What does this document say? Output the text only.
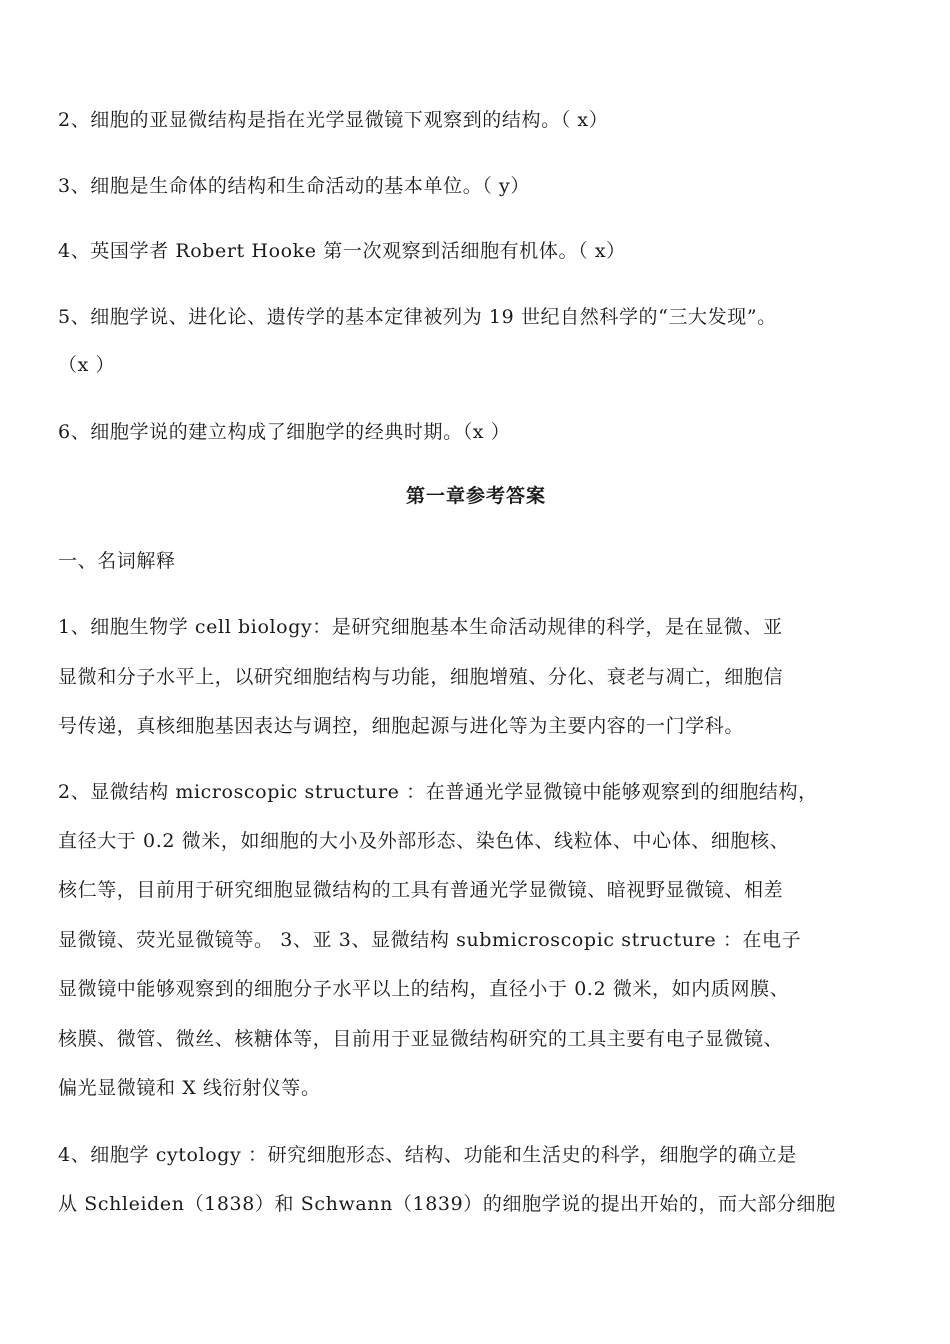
2、细胞的亚显微结构是指在光学显微镜下观察到的结构。（ x）
3、细胞是生命体的结构和生命活动的基本单位。（ y）
4、英国学者 Robert Hooke 第一次观察到活细胞有机体。（ x）
5、细胞学说、进化论、遗传学的基本定律被列为 19 世纪自然科学的“三大发现”。
（x ）
6、细胞学说的建立构成了细胞学的经典时期。（x ）
第一章参考答案
一、名词解释
1、细胞生物学 cell biology：是研究细胞基本生命活动规律的科学，是在显微、亚
显微和分子水平上，以研究细胞结构与功能，细胞增殖、分化、衰老与凋亡，细胞信
号传递，真核细胞基因表达与调控，细胞起源与进化等为主要内容的一门学科。
2、显微结构 microscopic structure ：在普通光学显微镜中能够观察到的细胞结构，
直径大于 0.2 微米，如细胞的大小及外部形态、染色体、线粒体、中心体、细胞核、
核仁等，目前用于研究细胞显微结构的工具有普通光学显微镜、暗视野显微镜、相差
显微镜、荧光显微镜等。 3、亚 3、显微结构 submicroscopic structure ：在电子
显微镜中能够观察到的细胞分子水平以上的结构，直径小于 0.2 微米，如内质网膜、
核膜、微管、微丝、核糖体等，目前用于亚显微结构研究的工具主要有电子显微镜、
偏光显微镜和 X 线衍射仪等。
4、细胞学 cytology ：研究细胞形态、结构、功能和生活史的科学，细胞学的确立是
从 Schleiden（1838）和 Schwann（1839）的细胞学说的提出开始的，而大部分细胞
